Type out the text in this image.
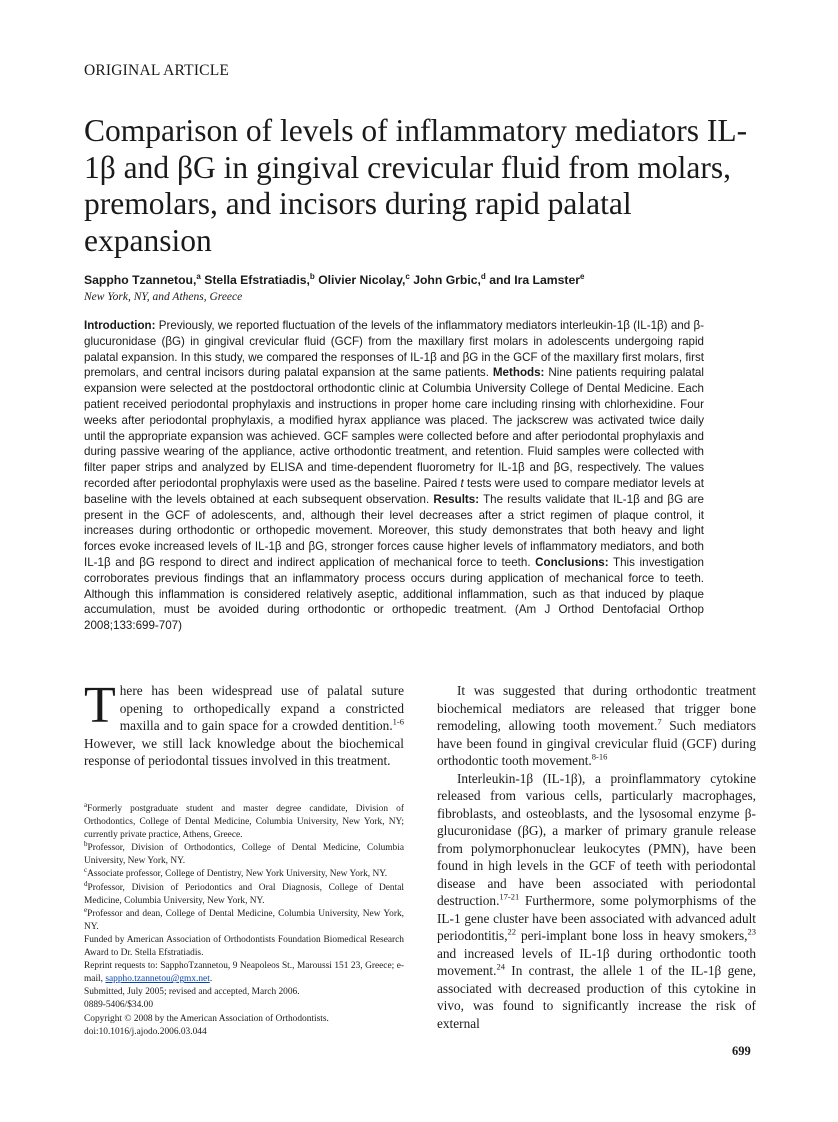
ORIGINAL ARTICLE
Comparison of levels of inflammatory mediators IL-1β and βG in gingival crevicular fluid from molars, premolars, and incisors during rapid palatal expansion
Sappho Tzannetou,$^a$ Stella Efstratiadis,$^b$ Olivier Nicolay,$^c$ John Grbic,$^d$ and Ira Lamster$^e$
New York, NY, and Athens, Greece

Introduction: Previously, we reported fluctuation of the levels of the inflammatory mediators interleukin-1β (IL-1β) and β-glucuronidase (βG) in gingival crevicular fluid (GCF) from the maxillary first molars in adolescents undergoing rapid palatal expansion. In this study, we compared the responses of IL-1β and βG in the GCF of the maxillary first molars, first premolars, and central incisors during palatal expansion at the same patients. Methods: Nine patients requiring palatal expansion were selected at the postdoctoral orthodontic clinic at Columbia University College of Dental Medicine. Each patient received periodontal prophylaxis and instructions in proper home care including rinsing with chlorhexidine. Four weeks after periodontal prophylaxis, a modified hyrax appliance was placed. The jackscrew was activated twice daily until the appropriate expansion was achieved. GCF samples were collected before and after periodontal prophylaxis and during passive wearing of the appliance, active orthodontic treatment, and retention. Fluid samples were collected with filter paper strips and analyzed by ELISA and time-dependent fluorometry for IL-1β and βG, respectively. The values recorded after periodontal prophylaxis were used as the baseline. Paired t tests were used to compare mediator levels at baseline with the levels obtained at each subsequent observation. Results: The results validate that IL-1β and βG are present in the GCF of adolescents, and, although their level decreases after a strict regimen of plaque control, it increases during orthodontic or orthopedic movement. Moreover, this study demonstrates that both heavy and light forces evoke increased levels of IL-1β and βG, stronger forces cause higher levels of inflammatory mediators, and both IL-1β and βG respond to direct and indirect application of mechanical force to teeth. Conclusions: This investigation corroborates previous findings that an inflammatory process occurs during application of mechanical force to teeth. Although this inflammation is considered relatively aseptic, additional inflammation, such as that induced by plaque accumulation, must be avoided during orthodontic or orthopedic treatment. (Am J Orthod Dentofacial Orthop 2008;133:699-707)

There has been widespread use of palatal suture opening to orthopedically expand a constricted maxilla and to gain space for a crowded dentition.$^{1-6}$ However, we still lack knowledge about the biochemical response of periodontal tissues involved in this treatment.

$^a$Formerly postgraduate student and master degree candidate, Division of Orthodontics, College of Dental Medicine, Columbia University, New York, NY; currently private practice, Athens, Greece.

$^b$Professor, Division of Orthodontics, College of Dental Medicine, Columbia University, New York, NY.

$^c$Associate professor, College of Dentistry, New York University, New York, NY.

$^d$Professor, Division of Periodontics and Oral Diagnosis, College of Dental Medicine, Columbia University, New York, NY.

$^e$Professor and dean, College of Dental Medicine, Columbia University, New York, NY.

Funded by American Association of Orthodontists Foundation Biomedical Research Award to Dr. Stella Efstratiadis.

Reprint requests to: SapphoTzannetou, 9 Neapoleos St., Maroussi 151 23, Greece; e-mail, sappho.tzannetou@gmx.net.

Submitted, July 2005; revised and accepted, March 2006.

0889-5406/$34.00

Copyright © 2008 by the American Association of Orthodontists.

doi:10.1016/j.ajodo.2006.03.044

It was suggested that during orthodontic treatment biochemical mediators are released that trigger bone remodeling, allowing tooth movement.$^7$ Such mediators have been found in gingival crevicular fluid (GCF) during orthodontic tooth movement.$^{8-16}$

Interleukin-1β (IL-1β), a proinflammatory cytokine released from various cells, particularly macrophages, fibroblasts, and osteoblasts, and the lysosomal enzyme β-glucuronidase (βG), a marker of primary granule release from polymorphonuclear leukocytes (PMN), have been found in high levels in the GCF of teeth with periodontal disease and have been associated with periodontal destruction.$^{17-21}$ Furthermore, some polymorphisms of the IL-1 gene cluster have been associated with advanced adult periodontitis,$^{22}$ peri-implant bone loss in heavy smokers,$^{23}$ and increased levels of IL-1β during orthodontic tooth movement.$^{24}$ In contrast, the allele 1 of the IL-1β gene, associated with decreased production of this cytokine in vivo, was found to significantly increase the risk of external

699
